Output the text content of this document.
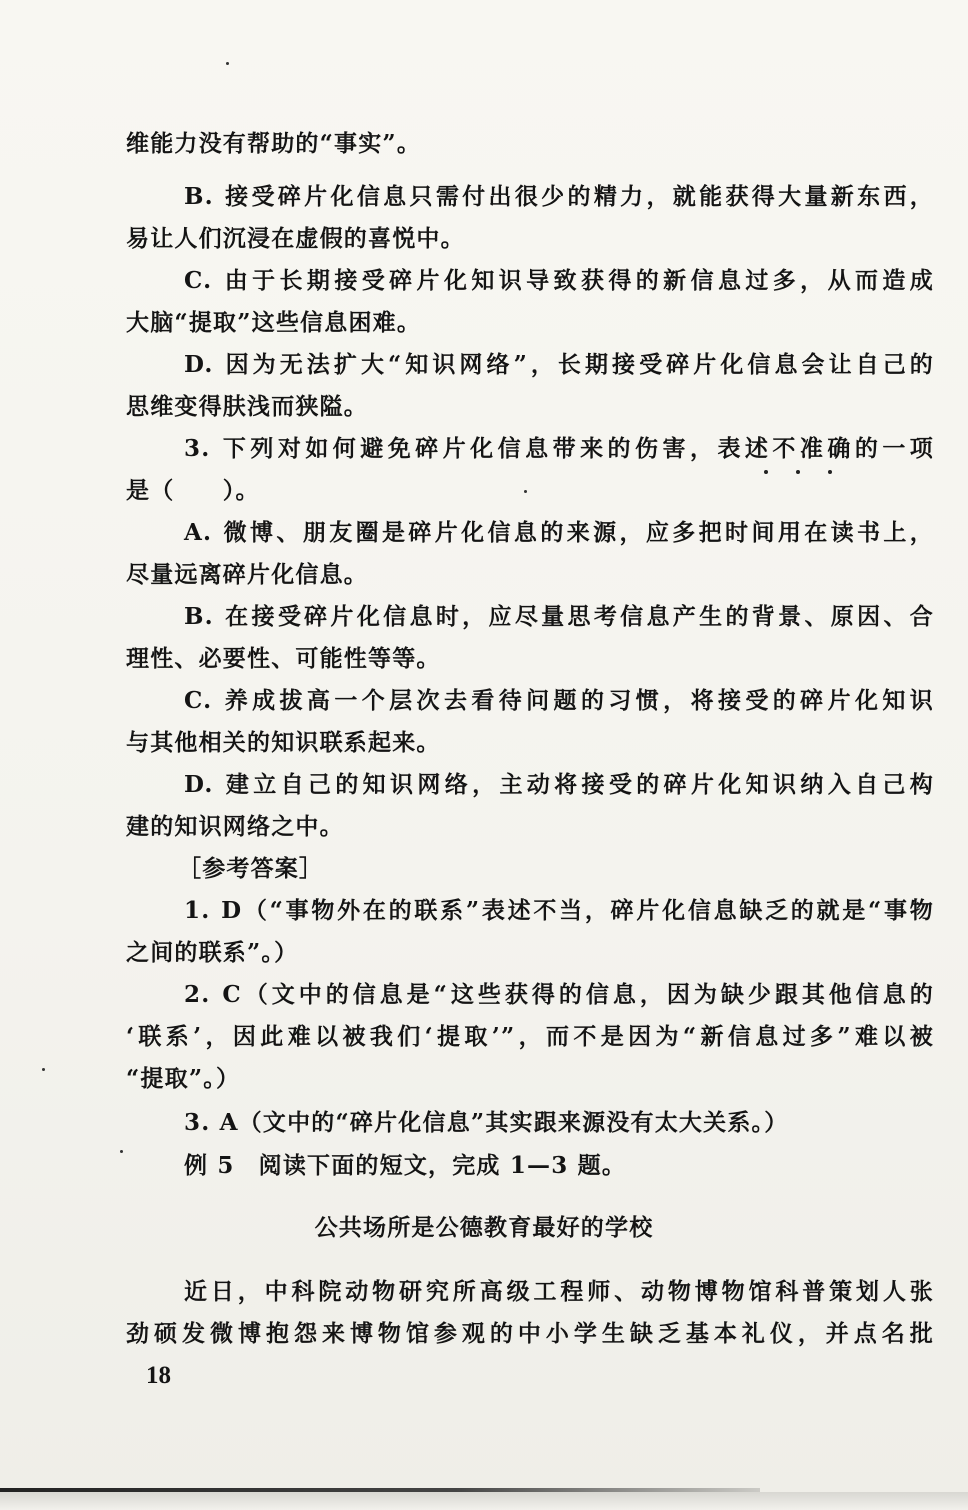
维能力没有帮助的“事实”。
B. 接受碎片化信息只需付出很少的精力，就能获得大量新东西，
易让人们沉浸在虚假的喜悦中。
C. 由于长期接受碎片化知识导致获得的新信息过多，从而造成
大脑“提取”这些信息困难。
D. 因为无法扩大“知识网络”，长期接受碎片化信息会让自己的
思维变得肤浅而狭隘。
3. 下列对如何避免碎片化信息带来的伤害，表述不准确的一项
是（　　）。
A. 微博、朋友圈是碎片化信息的来源，应多把时间用在读书上，
尽量远离碎片化信息。
B. 在接受碎片化信息时，应尽量思考信息产生的背景、原因、合
理性、必要性、可能性等等。
C. 养成拔高一个层次去看待问题的习惯，将接受的碎片化知识
与其他相关的知识联系起来。
D. 建立自己的知识网络，主动将接受的碎片化知识纳入自己构
建的知识网络之中。
［参考答案］
1. D（“事物外在的联系”表述不当，碎片化信息缺乏的就是“事物
之间的联系”。）
2. C（文中的信息是“这些获得的信息，因为缺少跟其他信息的
‘联系’，因此难以被我们‘提取’”，而不是因为“新信息过多”难以被
“提取”。）
3. A（文中的“碎片化信息”其实跟来源没有太大关系。）
例 5 阅读下面的短文，完成 1—3 题。
公共场所是公德教育最好的学校
近日，中科院动物研究所高级工程师、动物博物馆科普策划人张
劲硕发微博抱怨来博物馆参观的中小学生缺乏基本礼仪，并点名批
18
